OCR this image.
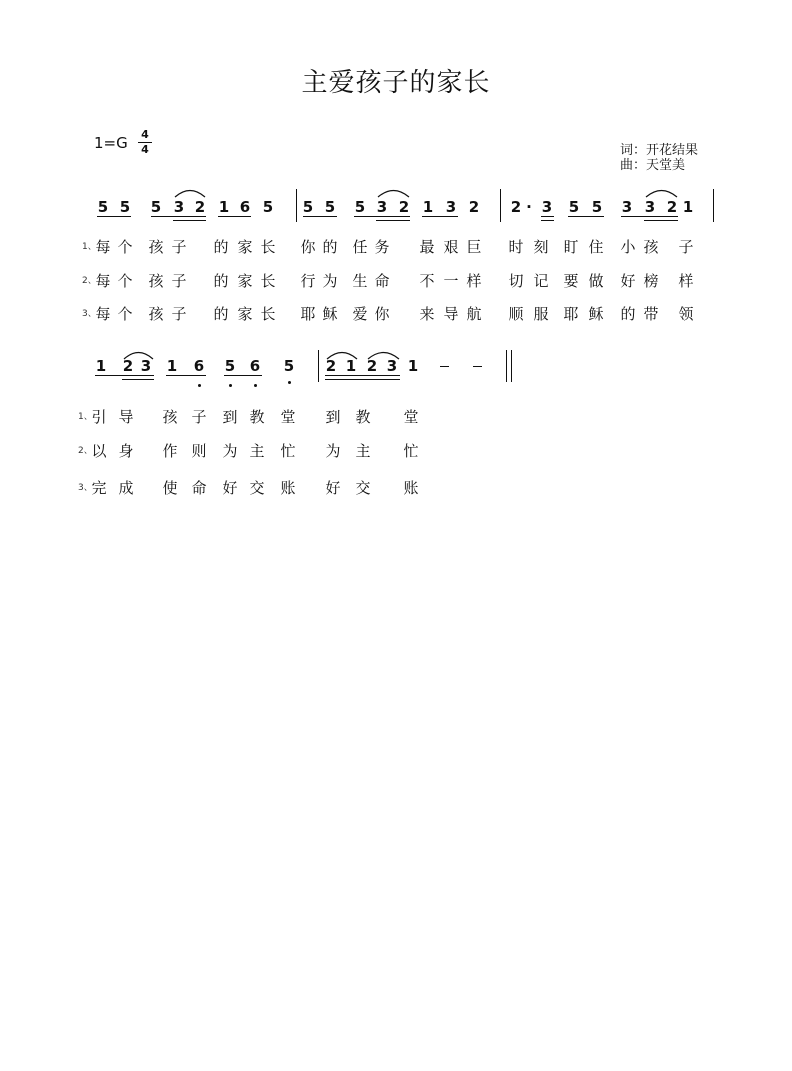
主爱孩子的家长
1=G 4
4	词：开花结果
曲：天堂美
5 5 5 3 2 1 6 5 5 5 5 3 2 1 3 2 2 · 3 5 5 3 3 2 1
1、
每 个 孩 子 的 家 长 你 的 任 务 最 艰 巨 时 刻 盯 住 小 孩 子
2、
每 个 孩 子 的 家 长 行 为 生 命 不 一 样 切 记 要 做 好 榜 样
3、
每 个 孩 子 的 家 长 耶 稣 爱 你 来 导 航 顺 服 耶 稣 的 带 领
1 2 3 1 6 5 6 5 2 1 2 3 1
1、
引 导 孩 子 到 教 堂 到 教 堂
2、
以 身 作 则 为 主 忙 为 主 忙
3、
完 成 使 命 好 交 账 好 交 账
